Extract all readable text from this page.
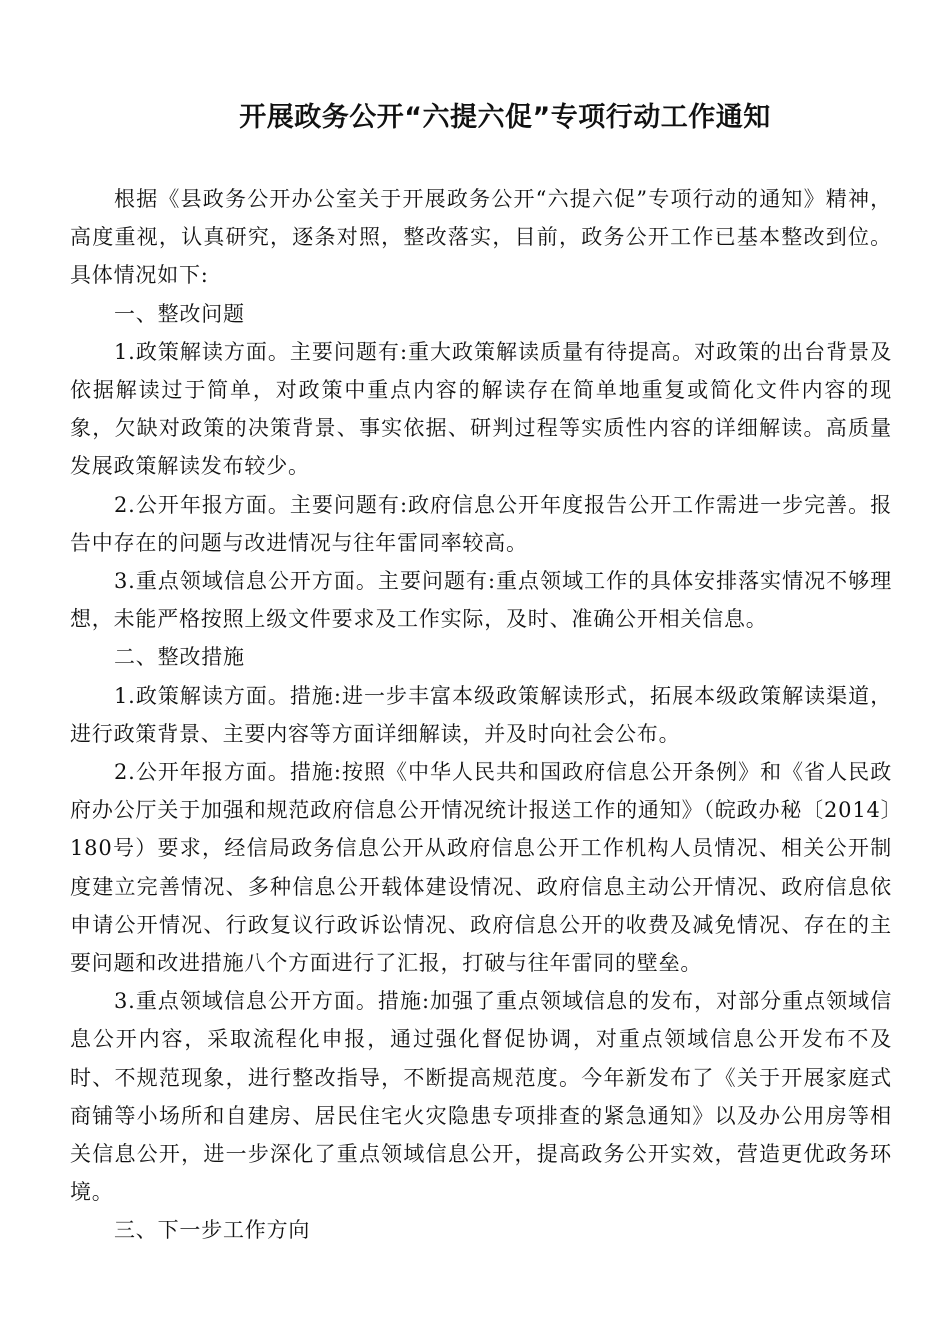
开展政务公开“六提六促”专项行动工作通知

根据《县政务公开办公室关于开展政务公开“六提六促”专项行动的通知》精神，高度重视，认真研究，逐条对照，整改落实，目前，政务公开工作已基本整改到位。具体情况如下:

一、整改问题

1.政策解读方面。主要问题有:重大政策解读质量有待提高。对政策的出台背景及依据解读过于简单，对政策中重点内容的解读存在简单地重复或简化文件内容的现象，欠缺对政策的决策背景、事实依据、研判过程等实质性内容的详细解读。高质量发展政策解读发布较少。

2.公开年报方面。主要问题有:政府信息公开年度报告公开工作需进一步完善。报告中存在的问题与改进情况与往年雷同率较高。

3.重点领域信息公开方面。主要问题有:重点领域工作的具体安排落实情况不够理想，未能严格按照上级文件要求及工作实际，及时、准确公开相关信息。

二、整改措施

1.政策解读方面。措施:进一步丰富本级政策解读形式，拓展本级政策解读渠道，进行政策背景、主要内容等方面详细解读，并及时向社会公布。

2.公开年报方面。措施:按照《中华人民共和国政府信息公开条例》和《省人民政府办公厅关于加强和规范政府信息公开情况统计报送工作的通知》（皖政办秘〔2014〕180号）要求，经信局政务信息公开从政府信息公开工作机构人员情况、相关公开制度建立完善情况、多种信息公开载体建设情况、政府信息主动公开情况、政府信息依申请公开情况、行政复议行政诉讼情况、政府信息公开的收费及减免情况、存在的主要问题和改进措施八个方面进行了汇报，打破与往年雷同的壁垒。

3.重点领域信息公开方面。措施:加强了重点领域信息的发布，对部分重点领域信息公开内容，采取流程化申报，通过强化督促协调，对重点领域信息公开发布不及时、不规范现象，进行整改指导，不断提高规范度。今年新发布了《关于开展家庭式商铺等小场所和自建房、居民住宅火灾隐患专项排查的紧急通知》以及办公用房等相关信息公开，进一步深化了重点领域信息公开，提高政务公开实效，营造更优政务环境。

三、下一步工作方向
